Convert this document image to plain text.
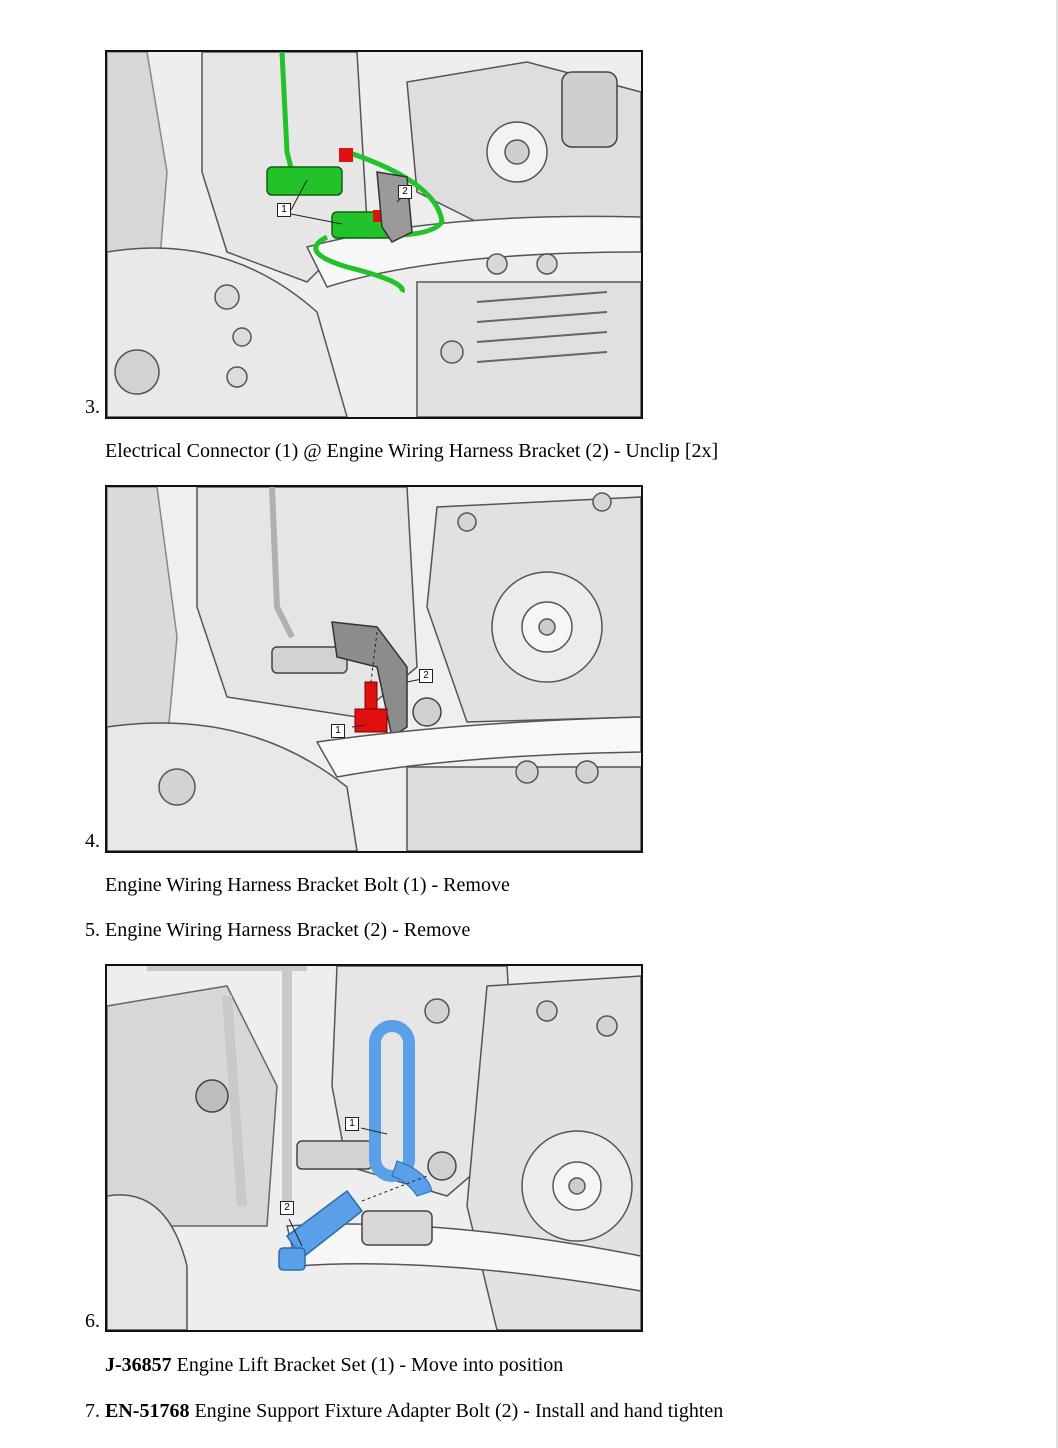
1
2
3.
Electrical Connector (1) @ Engine Wiring Harness Bracket (2) - Unclip [2x]
1
2
4.
Engine Wiring Harness Bracket Bolt (1) - Remove
5. Engine Wiring Harness Bracket (2) - Remove
1
2
6.
J-36857 Engine Lift Bracket Set (1) - Move into position
7. EN-51768 Engine Support Fixture Adapter Bolt (2) - Install and hand tighten
